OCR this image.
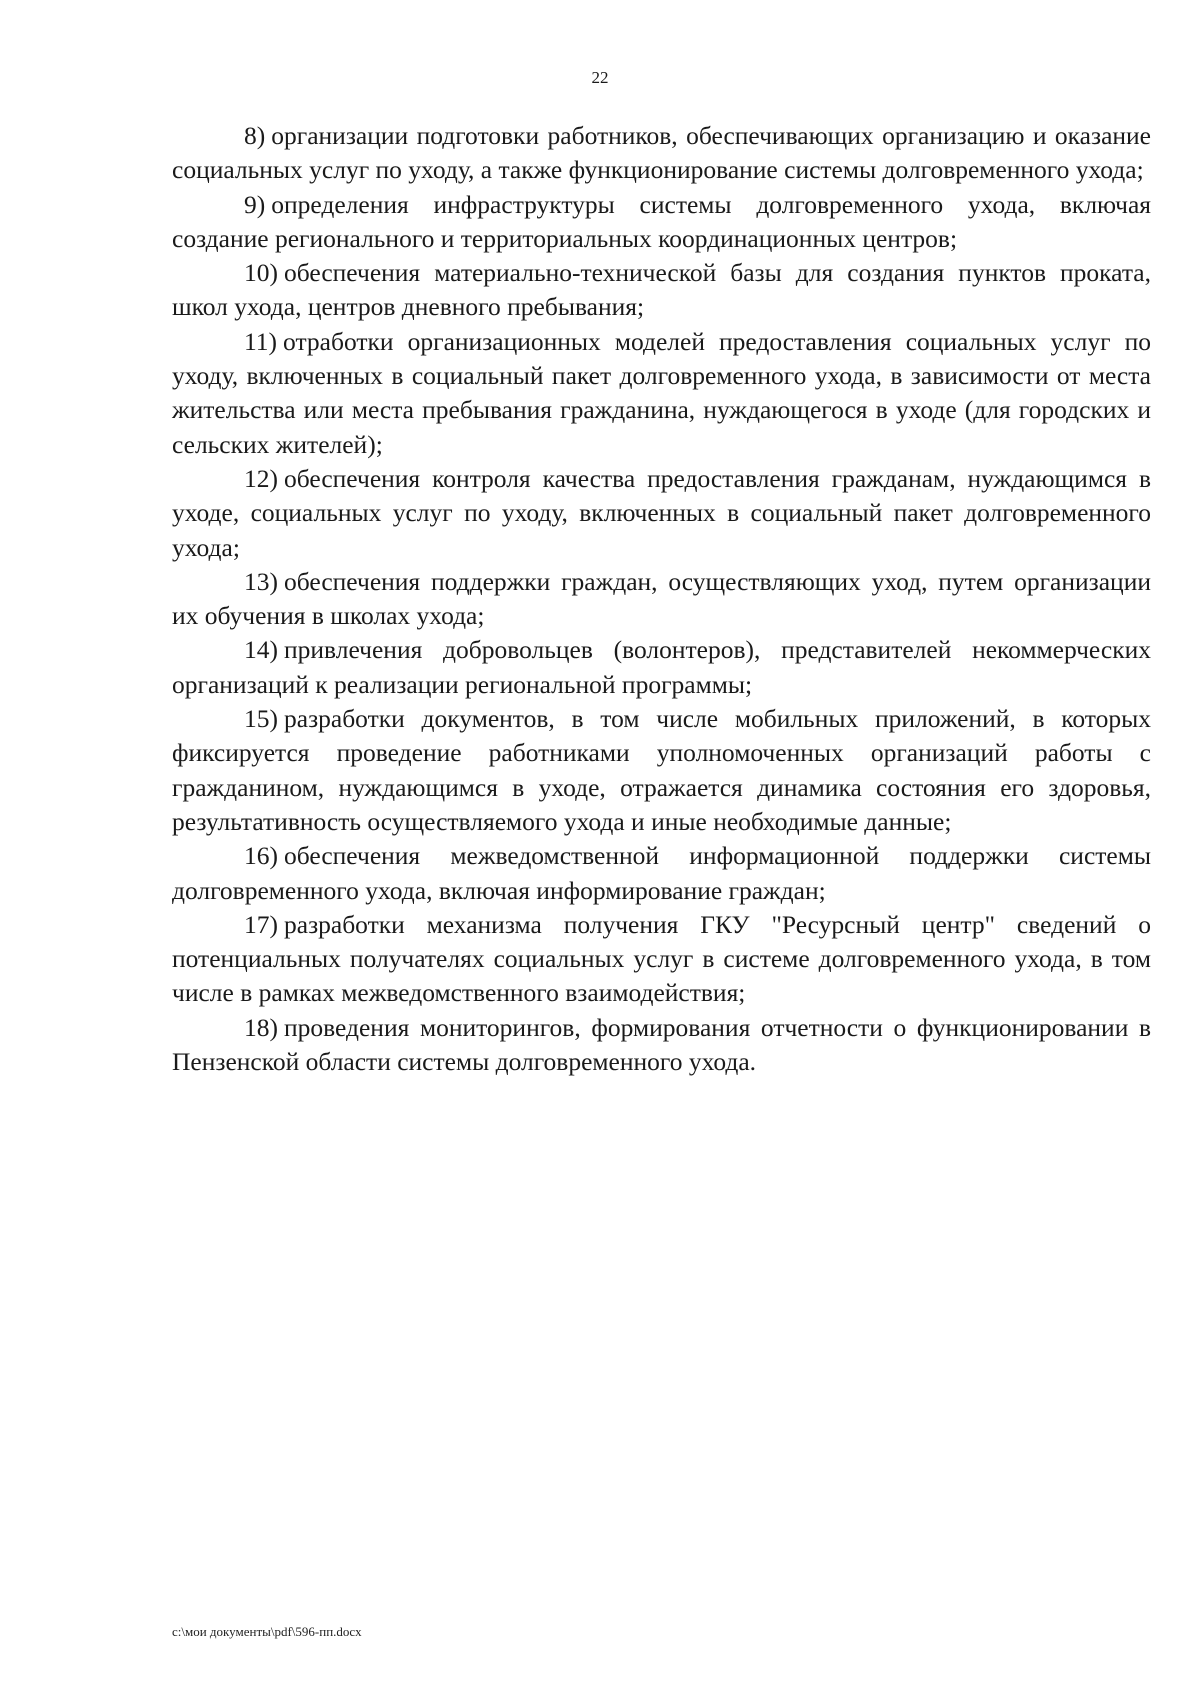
22

8) организации подготовки работников, обеспечивающих организацию и оказание социальных услуг по уходу, а также функционирование системы долговременного ухода;

9) определения инфраструктуры системы долговременного ухода, включая создание регионального и территориальных координационных центров;

10) обеспечения материально-технической базы для создания пунктов проката, школ ухода, центров дневного пребывания;

11) отработки организационных моделей предоставления социальных услуг по уходу, включенных в социальный пакет долговременного ухода, в зависимости от места жительства или места пребывания гражданина, нуждающегося в уходе (для городских и сельских жителей);

12) обеспечения контроля качества предоставления гражданам, нуждающимся в уходе, социальных услуг по уходу, включенных в социальный пакет долговременного ухода;

13) обеспечения поддержки граждан, осуществляющих уход, путем организации их обучения в школах ухода;

14) привлечения добровольцев (волонтеров), представителей некоммерческих организаций к реализации региональной программы;

15) разработки документов, в том числе мобильных приложений, в которых фиксируется проведение работниками уполномоченных организаций работы с гражданином, нуждающимся в уходе, отражается динамика состояния его здоровья, результативность осуществляемого ухода и иные необходимые данные;

16) обеспечения межведомственной информационной поддержки системы долговременного ухода, включая информирование граждан;

17) разработки механизма получения ГКУ "Ресурсный центр" сведений о потенциальных получателях социальных услуг в системе долговременного ухода, в том числе в рамках межведомственного взаимодействия;

18) проведения мониторингов, формирования отчетности о функционировании в Пензенской области системы долговременного ухода.

c:\мои документы\pdf\596-пп.docx
